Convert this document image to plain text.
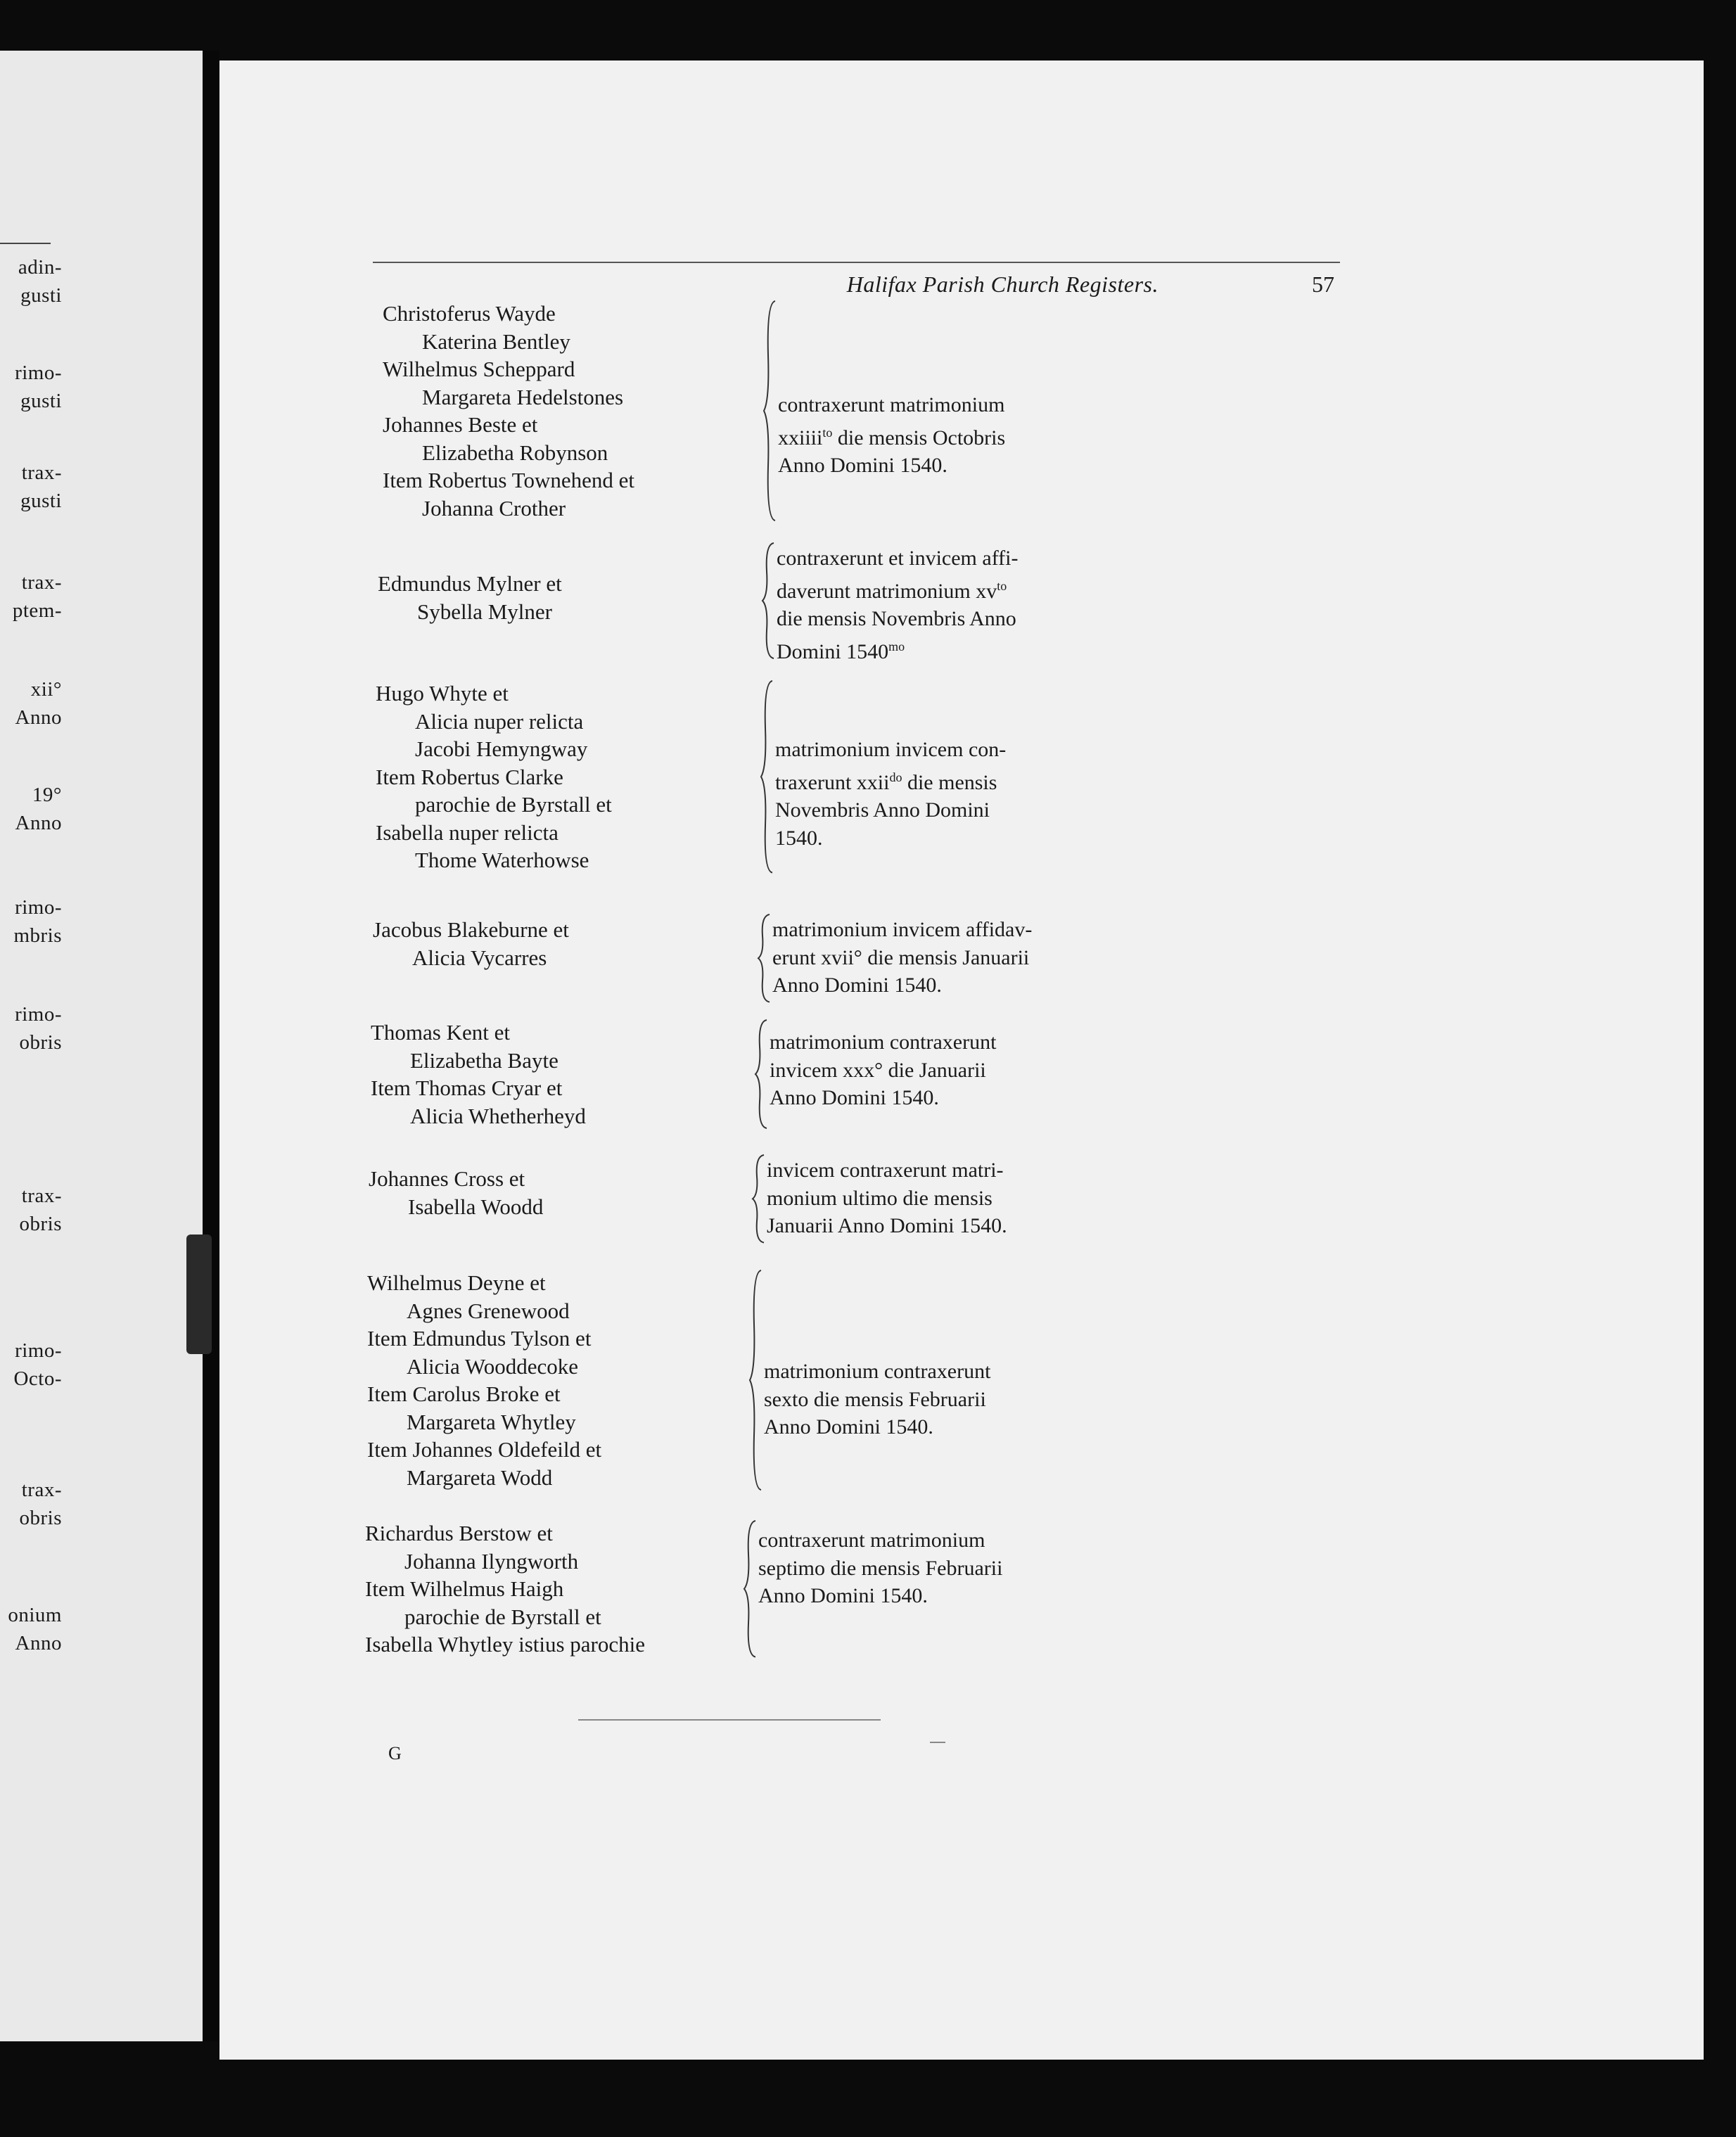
adin-
gusti
rimo-
gusti
trax-
gusti
trax-
ptem-
xii°
Anno
19°
Anno
rimo-
mbris
rimo-
obris
trax-
obris
rimo-
Octo-
trax-
obris
onium
Anno
Halifax Parish Church Registers.	57
Christoferus Wayde
Katerina Bentley
Wilhelmus Scheppard
Margareta Hedelstones
Johannes Beste et
Elizabetha Robynson
Item Robertus Townehend et
Johanna Crother
contraxerunt matrimonium
xxiiii$^{to}$ die mensis Octobris
Anno Domini 1540.
Edmundus Mylner et
Sybella Mylner
contraxerunt et invicem affi-
daverunt matrimonium $xv^{to}$
die mensis Novembris Anno
Domini $1540^{mo}$
Hugo Whyte et
Alicia nuper relicta
Jacobi Hemyngway
Item Robertus Clarke
parochie de Byrstall et
Isabella nuper relicta
Thome Waterhowse
matrimonium invicem con-
traxerunt xxii$^{do}$ die mensis
Novembris Anno Domini
1540.
Jacobus Blakeburne et
Alicia Vycarres
matrimonium invicem affidav-
erunt xvii° die mensis Januarii
Anno Domini 1540.
Thomas Kent et
Elizabetha Bayte
Item Thomas Cryar et
Alicia Whetherheyd
matrimonium contraxerunt
invicem xxx° die Januarii
Anno Domini 1540.
Johannes Cross et
Isabella Woodd
invicem contraxerunt matri-
monium ultimo die mensis
Januarii Anno Domini 1540.
Wilhelmus Deyne et
Agnes Grenewood
Item Edmundus Tylson et
Alicia Wooddecoke
Item Carolus Broke et
Margareta Whytley
Item Johannes Oldefeild et
Margareta Wodd
matrimonium contraxerunt
sexto die mensis Februarii
Anno Domini 1540.
Richardus Berstow et
Johanna Ilyngworth
Item Wilhelmus Haigh
parochie de Byrstall et
Isabella Whytley istius parochie
contraxerunt matrimonium
septimo die mensis Februarii
Anno Domini 1540.
G
